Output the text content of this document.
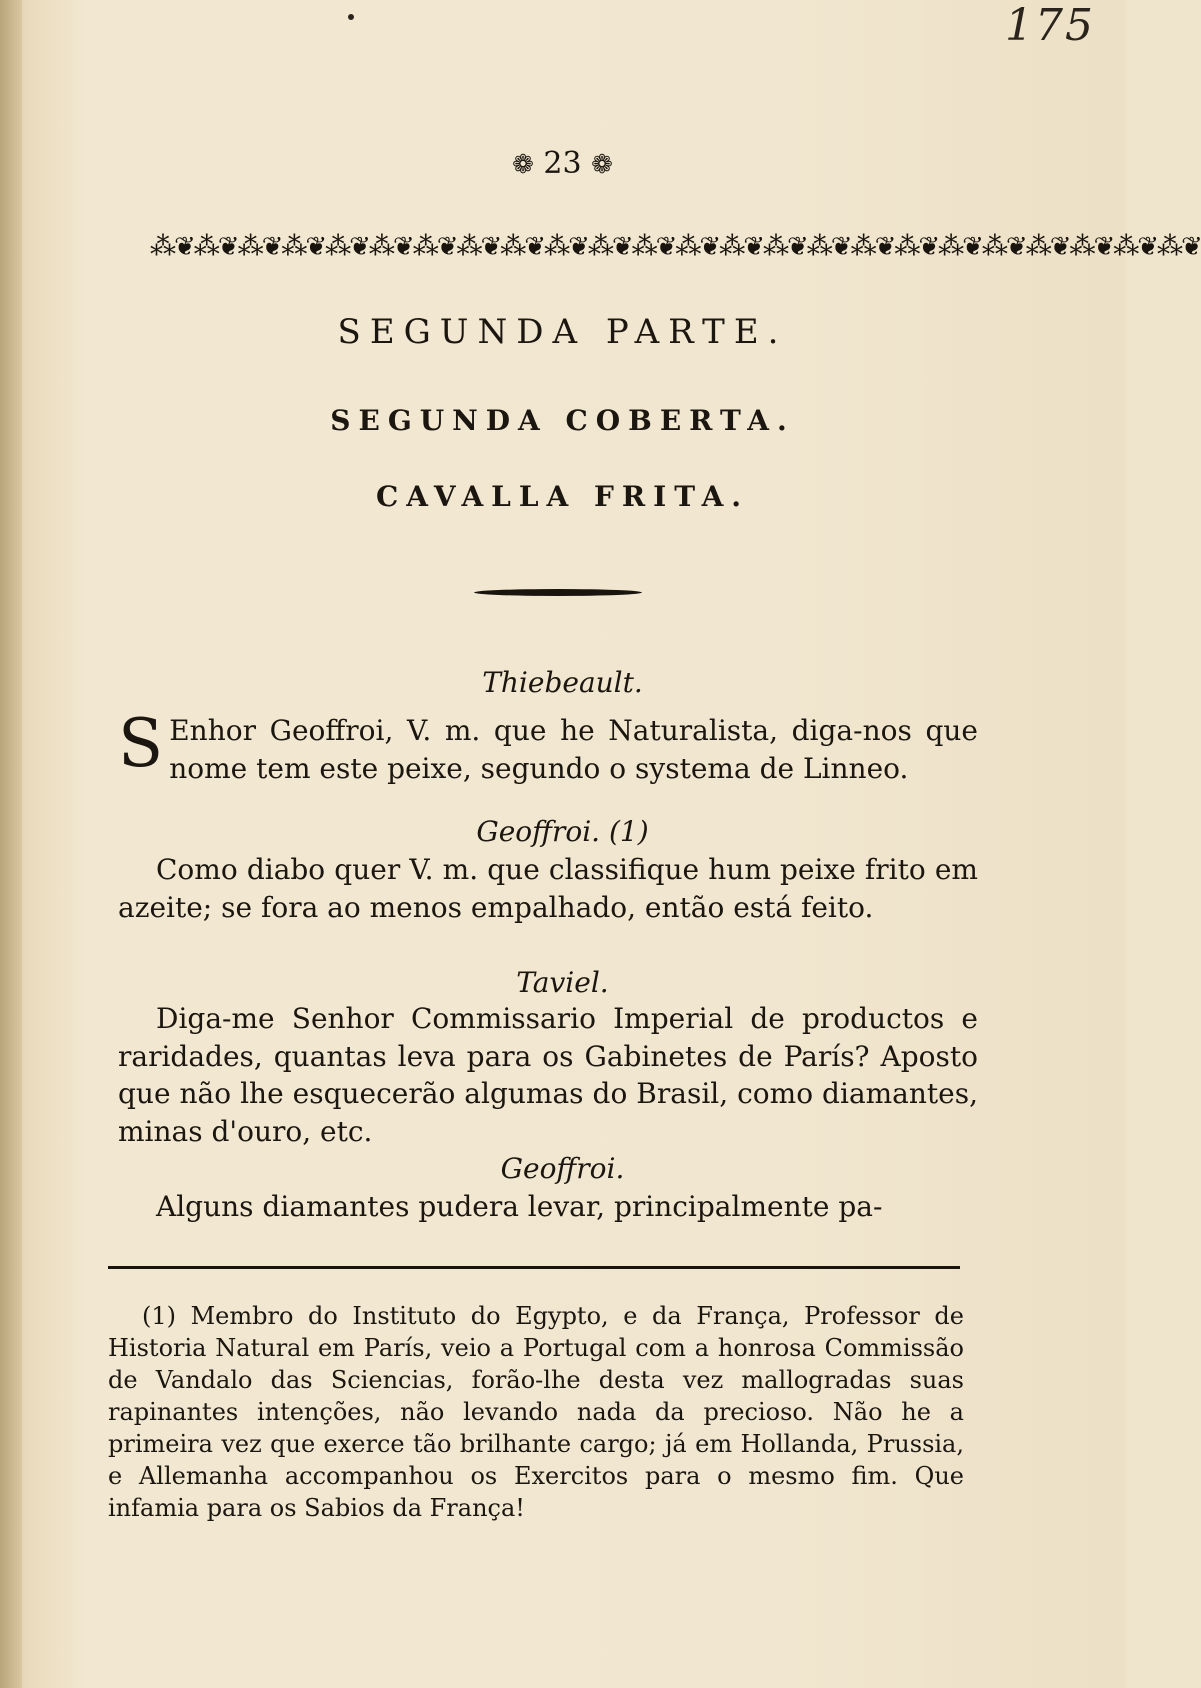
175
❁ 23 ❁
⁂❦⁂❦⁂❦⁂❦⁂❦⁂❦⁂❦⁂❦⁂❦⁂❦⁂❦⁂❦⁂❦⁂❦⁂❦⁂❦⁂❦⁂❦⁂❦⁂❦⁂❦⁂❦⁂❦⁂❦
SEGUNDA PARTE.
SEGUNDA COBERTA.
CAVALLA FRITA.
Thiebeault.
S Enhor Geoffroi, V. m. que he Naturalista, diga-nos que nome tem este peixe, segundo o systema de Linneo.
Geoffroi. (1)

Como diabo quer V. m. que classifique hum peixe frito em azeite; se fora ao menos empalhado, então está feito.

Taviel.

Diga-me Senhor Commissario Imperial de productos e raridades, quantas leva para os Gabinetes de París? Aposto que não lhe esquecerão algumas do Brasil, como diamantes, minas d'ouro, etc.

Geoffroi.

Alguns diamantes pudera levar, principalmente pa-

(1) Membro do Instituto do Egypto, e da França, Professor de Historia Natural em París, veio a Portugal com a honrosa Commissão de Vandalo das Sciencias, forão-lhe desta vez mallogradas suas rapinantes intenções, não levando nada da precioso. Não he a primeira vez que exerce tão brilhante cargo; já em Hollanda, Prussia, e Allemanha accompanhou os Exercitos para o mesmo fim. Que infamia para os Sabios da França!
